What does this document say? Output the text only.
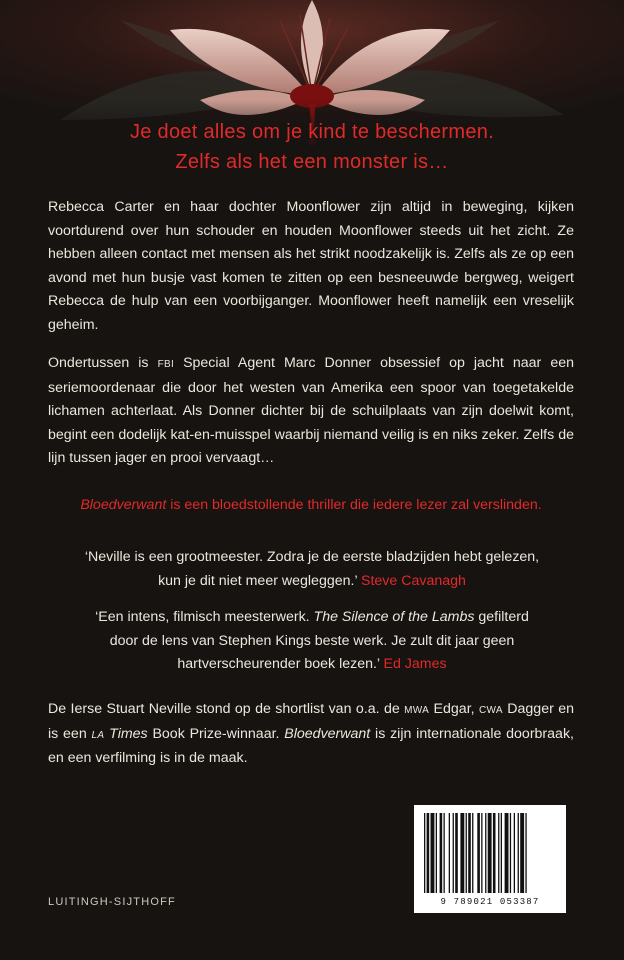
Je doet alles om je kind te beschermen.
Zelfs als het een monster is…
Rebecca Carter en haar dochter Moonflower zijn altijd in beweging, kijken voortdurend over hun schouder en houden Moonflower steeds uit het zicht. Ze hebben alleen contact met mensen als het strikt noodzakelijk is. Zelfs als ze op een avond met hun busje vast komen te zitten op een besneeuwde bergweg, weigert Rebecca de hulp van een voorbijganger. Moonflower heeft namelijk een vreselijk geheim.
Ondertussen is FBI Special Agent Marc Donner obsessief op jacht naar een seriemoordenaar die door het westen van Amerika een spoor van toegetakelde lichamen achterlaat. Als Donner dichter bij de schuilplaats van zijn doelwit komt, begint een dodelijk kat-en-muisspel waarbij niemand veilig is en niks zeker. Zelfs de lijn tussen jager en prooi vervaagt…
Bloedverwant is een bloedstollende thriller die iedere lezer zal verslinden.
‘Neville is een grootmeester. Zodra je de eerste bladzijden hebt gelezen,
kun je dit niet meer wegleggen.’ Steve Cavanagh
‘Een intens, filmisch meesterwerk. The Silence of the Lambs gefilterd
door de lens van Stephen Kings beste werk. Je zult dit jaar geen
hartverscheurender boek lezen.’ Ed James
De Ierse Stuart Neville stond op de shortlist van o.a. de MWA Edgar, CWA Dagger en is een LA Times Book Prize-winnaar. Bloedverwant is zijn internationale doorbraak, en een verfilming is in de maak.
LUITINGH-SIJTHOFF	9 789021 053387
